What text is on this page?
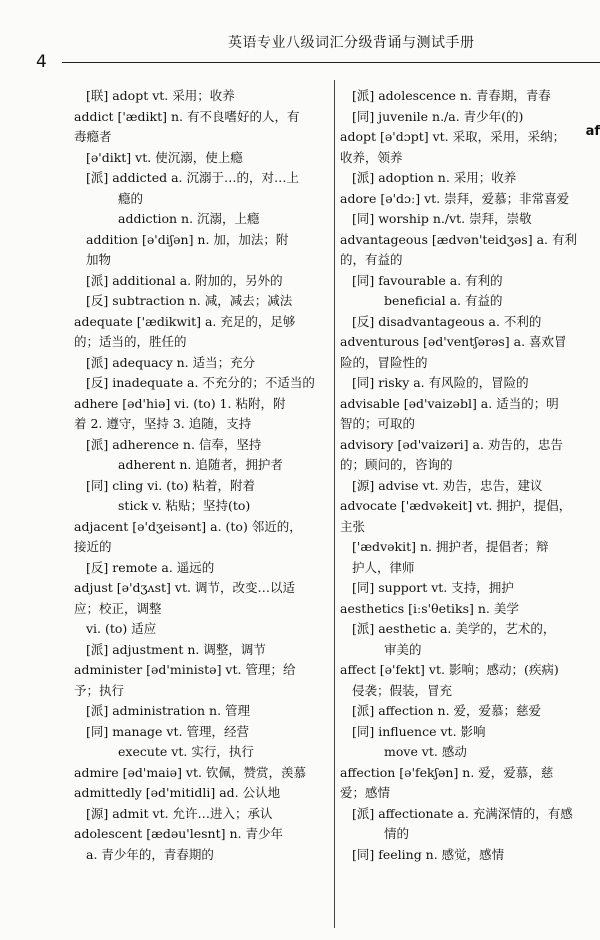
4
英语专业八级词汇分级背诵与测试手册
[联] adopt vt. 采用；收养
addict ['ædikt] n. 有不良嗜好的人，有
毒瘾者
[ə'dikt] vt. 使沉溺，使上瘾
[派] addicted a. 沉溺于…的，对…上
瘾的
addiction n. 沉溺，上瘾
addition [ə'diʃən] n. 加，加法；附
加物
[派] additional a. 附加的，另外的
[反] subtraction n. 减，减去；减法
adequate ['ædikwit] a. 充足的，足够
的；适当的，胜任的
[派] adequacy n. 适当；充分
[反] inadequate a. 不充分的；不适当的
adhere [əd'hiə] vi. (to) 1. 粘附，附
着 2. 遵守，坚持 3. 追随，支持
[派] adherence n. 信奉，坚持
adherent n. 追随者，拥护者
[同] cling vi. (to) 粘着，附着
stick v. 粘贴；坚持(to)
adjacent [ə'dʒeisənt] a. (to) 邻近的，
接近的
[反] remote a. 遥远的
adjust [ə'dʒʌst] vt. 调节，改变…以适
应；校正，调整
vi. (to) 适应
[派] adjustment n. 调整，调节
administer [əd'ministə] vt. 管理；给
予；执行
[派] administration n. 管理
[同] manage vt. 管理，经营
execute vt. 实行，执行
admire [əd'maiə] vt. 钦佩，赞赏，羡慕
admittedly [əd'mitidli] ad. 公认地
[源] admit vt. 允许…进入；承认
adolescent [ædəu'lesnt] n. 青少年
a. 青少年的，青春期的
[派] adolescence n. 青春期，青春
[同] juvenile n./a. 青少年(的)
adopt [ə'dɔpt] vt. 采取，采用，采纳；
收养，领养
[派] adoption n. 采用；收养
adore [ə'dɔː] vt. 崇拜，爱慕；非常喜爱
[同] worship n./vt. 崇拜，崇敬
advantageous [ædvən'teidʒəs] a. 有利
的，有益的
[同] favourable a. 有利的
beneficial a. 有益的
[反] disadvantageous a. 不利的
adventurous [əd'ventʃərəs] a. 喜欢冒
险的，冒险性的
[同] risky a. 有风险的，冒险的
advisable [əd'vaizəbl] a. 适当的；明
智的；可取的
advisory [əd'vaizəri] a. 劝告的，忠告
的；顾问的，咨询的
[源] advise vt. 劝告，忠告，建议
advocate ['ædvəkeit] vt. 拥护，提倡，
主张
['ædvəkit] n. 拥护者，提倡者；辩
护人，律师
[同] support vt. 支持，拥护
aesthetics [iːs'θetiks] n. 美学
[派] aesthetic a. 美学的，艺术的，
审美的
affect [ə'fekt] vt. 影响；感动；(疾病)
侵袭；假装，冒充
[派] affection n. 爱，爱慕；慈爱
[同] influence vt. 影响
move vt. 感动
affection [ə'fekʃən] n. 爱，爱慕，慈
爱；感情
[派] affectionate a. 充满深情的，有感
情的
[同] feeling n. 感觉，感情
af
